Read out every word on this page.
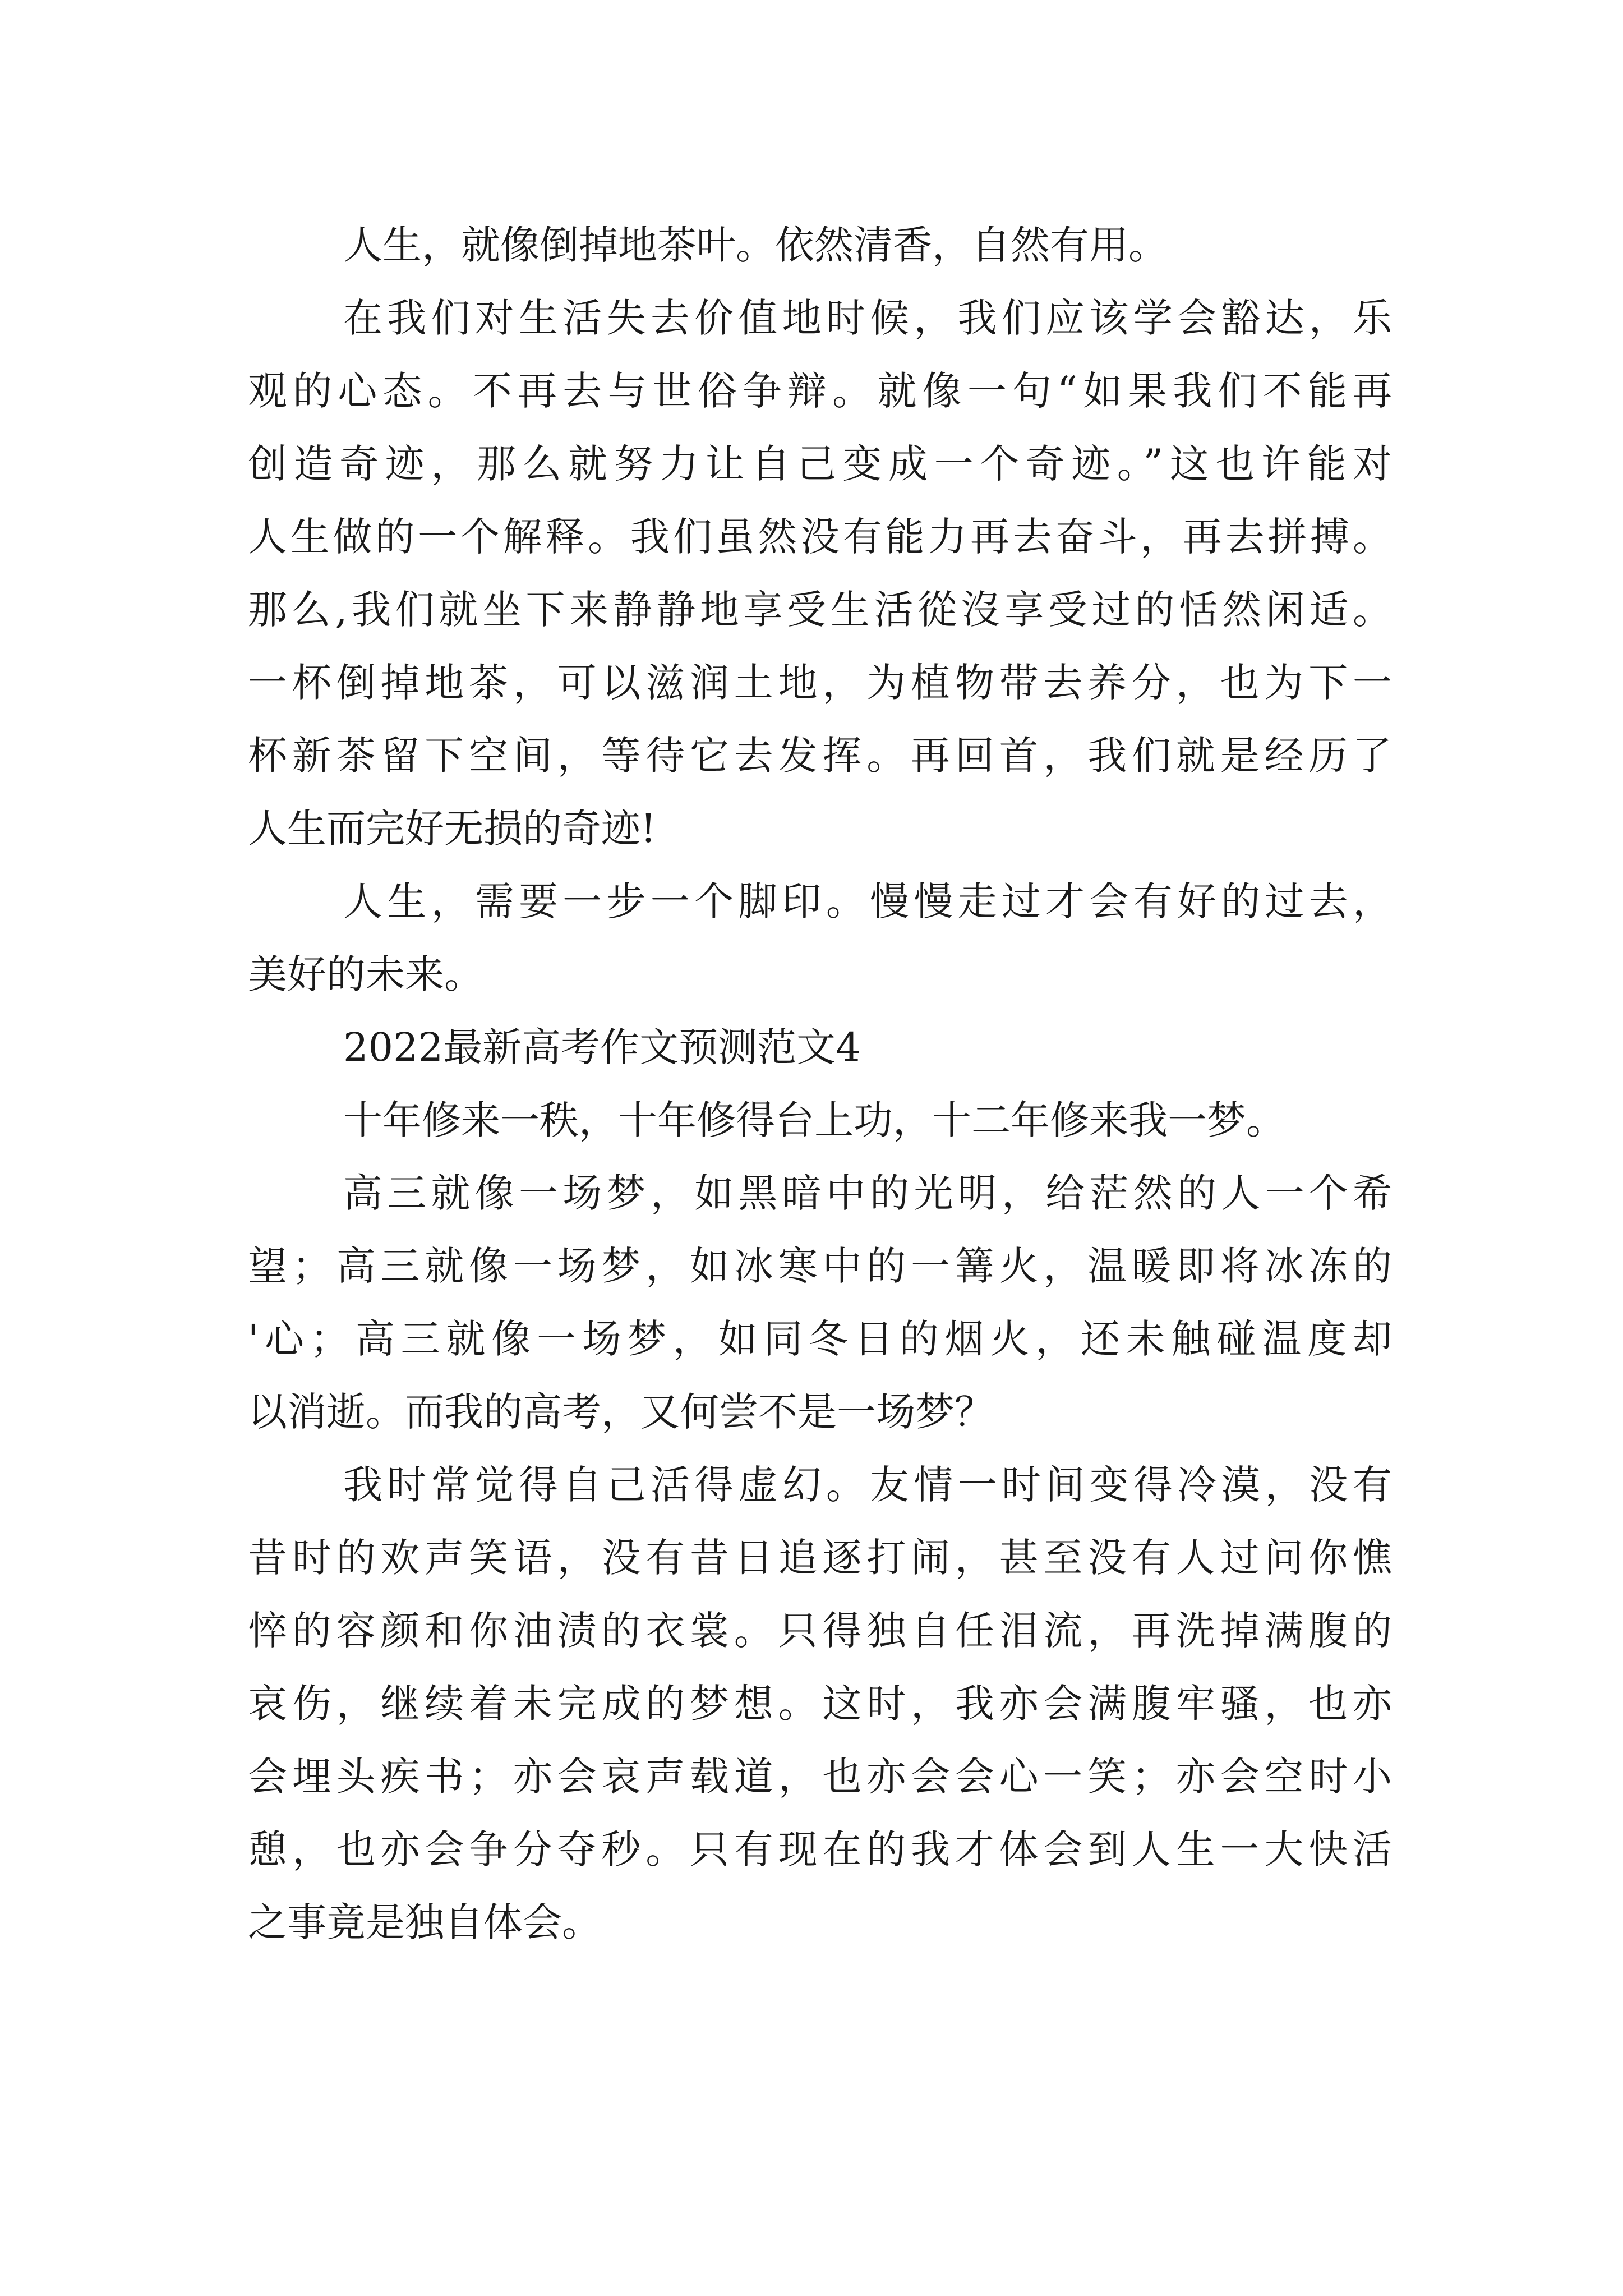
人生，就像倒掉地茶叶。依然清香，自然有用。
在我们对生活失去价值地时候，我们应该学会豁达，乐
观的心态。不再去与世俗争辩。就像一句“如果我们不能再
创造奇迹，那么就努力让自己变成一个奇迹。”这也许能对
人生做的一个解释。我们虽然没有能力再去奋斗，再去拼搏。
那么,我们就坐下来静静地享受生活從沒享受过的恬然闲适。
一杯倒掉地茶，可以滋润土地，为植物带去养分，也为下一
杯新茶留下空间，等待它去发挥。再回首，我们就是经历了
人生而完好无损的奇迹!
人生，需要一步一个脚印。慢慢走过才会有好的过去，
美好的未来。
2022最新高考作文预测范文4
十年修来一秩，十年修得台上功，十二年修来我一梦。
高三就像一场梦，如黑暗中的光明，给茫然的人一个希
望；高三就像一场梦，如冰寒中的一篝火，温暖即将冰冻的
'心；高三就像一场梦，如同冬日的烟火，还未触碰温度却
以消逝。而我的高考，又何尝不是一场梦？
我时常觉得自己活得虚幻。友情一时间变得冷漠，没有
昔时的欢声笑语，没有昔日追逐打闹，甚至没有人过问你憔
悴的容颜和你油渍的衣裳。只得独自任泪流，再洗掉满腹的
哀伤，继续着未完成的梦想。这时，我亦会满腹牢骚，也亦
会埋头疾书；亦会哀声载道，也亦会会心一笑；亦会空时小
憩，也亦会争分夺秒。只有现在的我才体会到人生一大快活
之事竟是独自体会。
